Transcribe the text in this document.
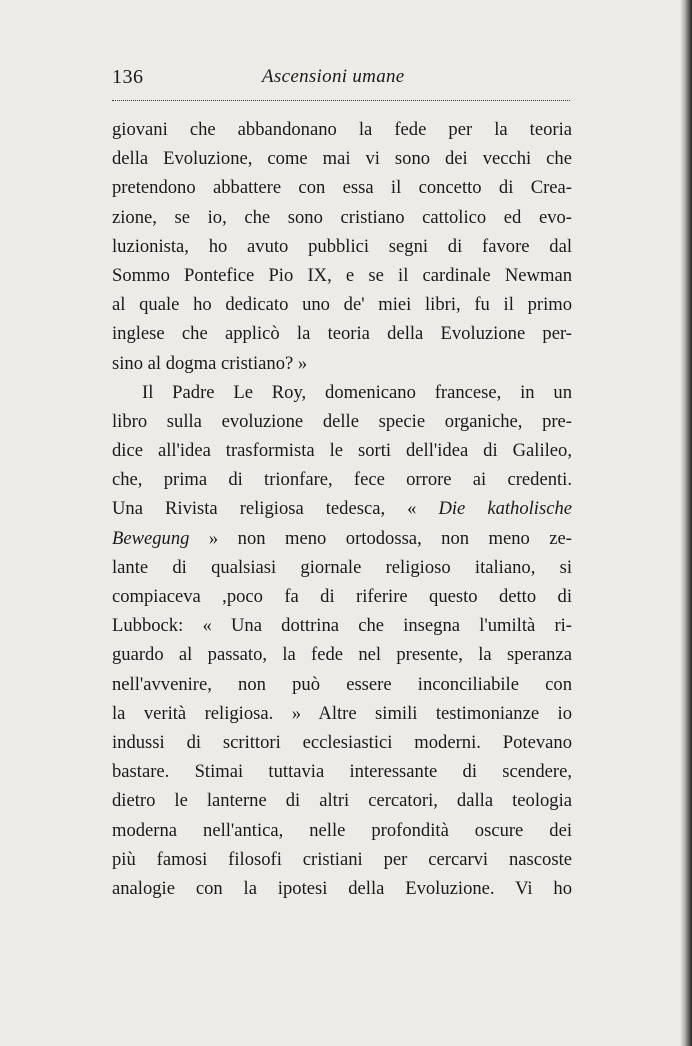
136	Ascensioni umane
giovani che abbandonano la fede per la teoria
della Evoluzione, come mai vi sono dei vecchi che
pretendono abbattere con essa il concetto di Crea-
zione, se io, che sono cristiano cattolico ed evo-
luzionista, ho avuto pubblici segni di favore dal
Sommo Pontefice Pio IX, e se il cardinale Newman
al quale ho dedicato uno de' miei libri, fu il primo
inglese che applicò la teoria della Evoluzione per-
sino al dogma cristiano? »
Il Padre Le Roy, domenicano francese, in un
libro sulla evoluzione delle specie organiche, pre-
dice all'idea trasformista le sorti dell'idea di Galileo,
che, prima di trionfare, fece orrore ai credenti.
Una Rivista religiosa tedesca, « Die katholische
Bewegung » non meno ortodossa, non meno ze-
lante di qualsiasi giornale religioso italiano, si
compiaceva ,poco fa di riferire questo detto di
Lubbock: « Una dottrina che insegna l'umiltà ri-
guardo al passato, la fede nel presente, la speranza
nell'avvenire, non può essere inconciliabile con
la verità religiosa. » Altre simili testimonianze io
indussi di scrittori ecclesiastici moderni. Potevano
bastare. Stimai tuttavia interessante di scendere,
dietro le lanterne di altri cercatori, dalla teologia
moderna nell'antica, nelle profondità oscure dei
più famosi filosofi cristiani per cercarvi nascoste
analogie con la ipotesi della Evoluzione. Vi ho
